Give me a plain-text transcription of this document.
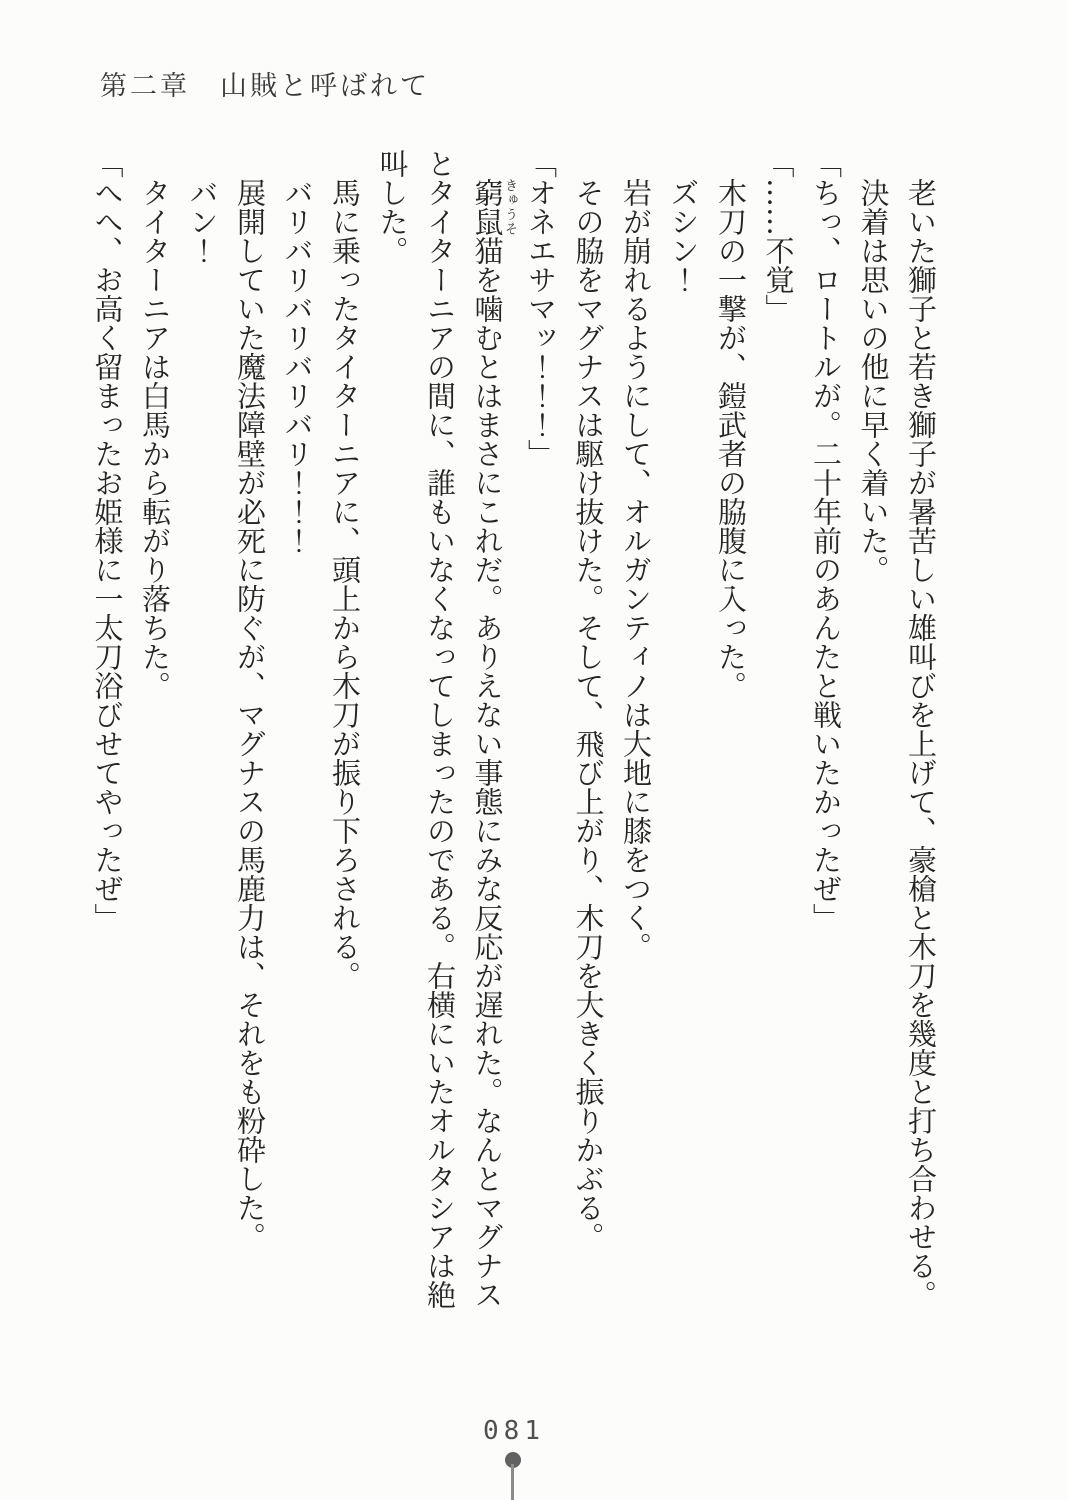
第二章　山賊と呼ばれて

老いた獅子と若き獅子が暑苦しい雄叫びを上げて、豪槍と木刀を幾度と打ち合わせる。

決着は思いの他に早く着いた。

「ちっ、ロートルが。二十年前のあんたと戦いたかったぜ」

「……不覚」

木刀の一撃が、鎧武者の脇腹に入った。

ズシン！

岩が崩れるようにして、オルガンティノは大地に膝をつく。

その脇をマグナスは駆け抜けた。そして、飛び上がり、木刀を大きく振りかぶる。

「オネエサマッ！！！」

窮鼠きゅうそ猫を噛むとはまさにこれだ。ありえない事態にみな反応が遅れた。なんとマグナスとタイターニアの間に、誰もいなくなってしまったのである。右横にいたオルタシアは絶叫した。

馬に乗ったタイターニアに、頭上から木刀が振り下ろされる。

バリバリバリバリバリ！！！

展開していた魔法障壁が必死に防ぐが、マグナスの馬鹿力は、それをも粉砕した。

バン！

タイターニアは白馬から転がり落ちた。

「へへ、お高く留まったお姫様に一太刀浴びせてやったぜ」

081
